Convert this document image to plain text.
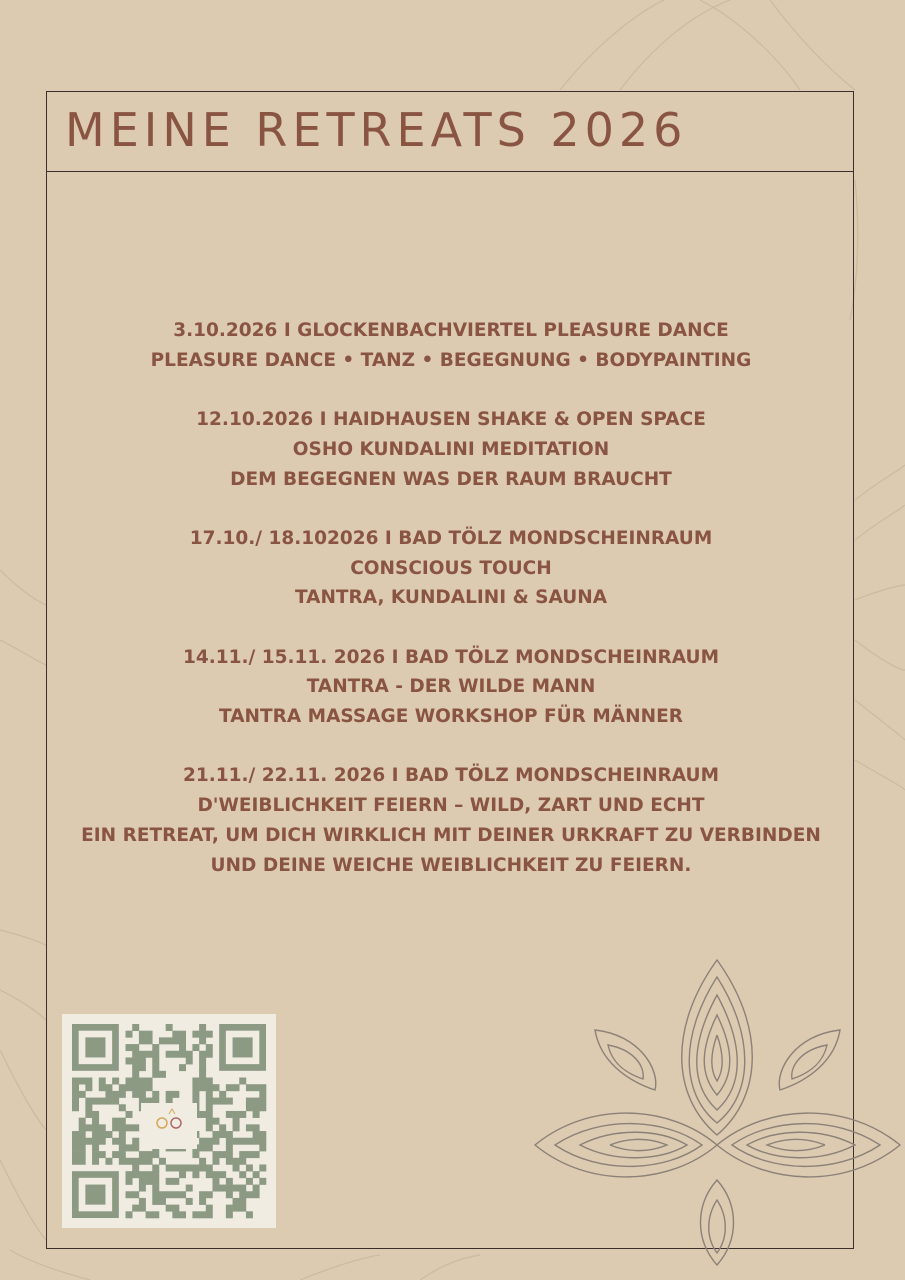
MEINE RETREATS 2026
3.10.2026 I GLOCKENBACHVIERTEL PLEASURE DANCE
PLEASURE DANCE • TANZ • BEGEGNUNG • BODYPAINTING
12.10.2026 I HAIDHAUSEN SHAKE & OPEN SPACE
OSHO KUNDALINI MEDITATION
DEM BEGEGNEN WAS DER RAUM BRAUCHT
17.10./ 18.102026 I BAD TÖLZ MONDSCHEINRAUM
CONSCIOUS TOUCH
TANTRA, KUNDALINI & SAUNA
14.11./ 15.11. 2026 I BAD TÖLZ MONDSCHEINRAUM
TANTRA - DER WILDE MANN
TANTRA MASSAGE WORKSHOP FÜR MÄNNER
21.11./ 22.11. 2026 I BAD TÖLZ MONDSCHEINRAUM
D'WEIBLICHKEIT FEIERN – WILD, ZART UND ECHT
EIN RETREAT, UM DICH WIRKLICH MIT DEINER URKRAFT ZU VERBINDEN
UND DEINE WEICHE WEIBLICHKEIT ZU FEIERN.
